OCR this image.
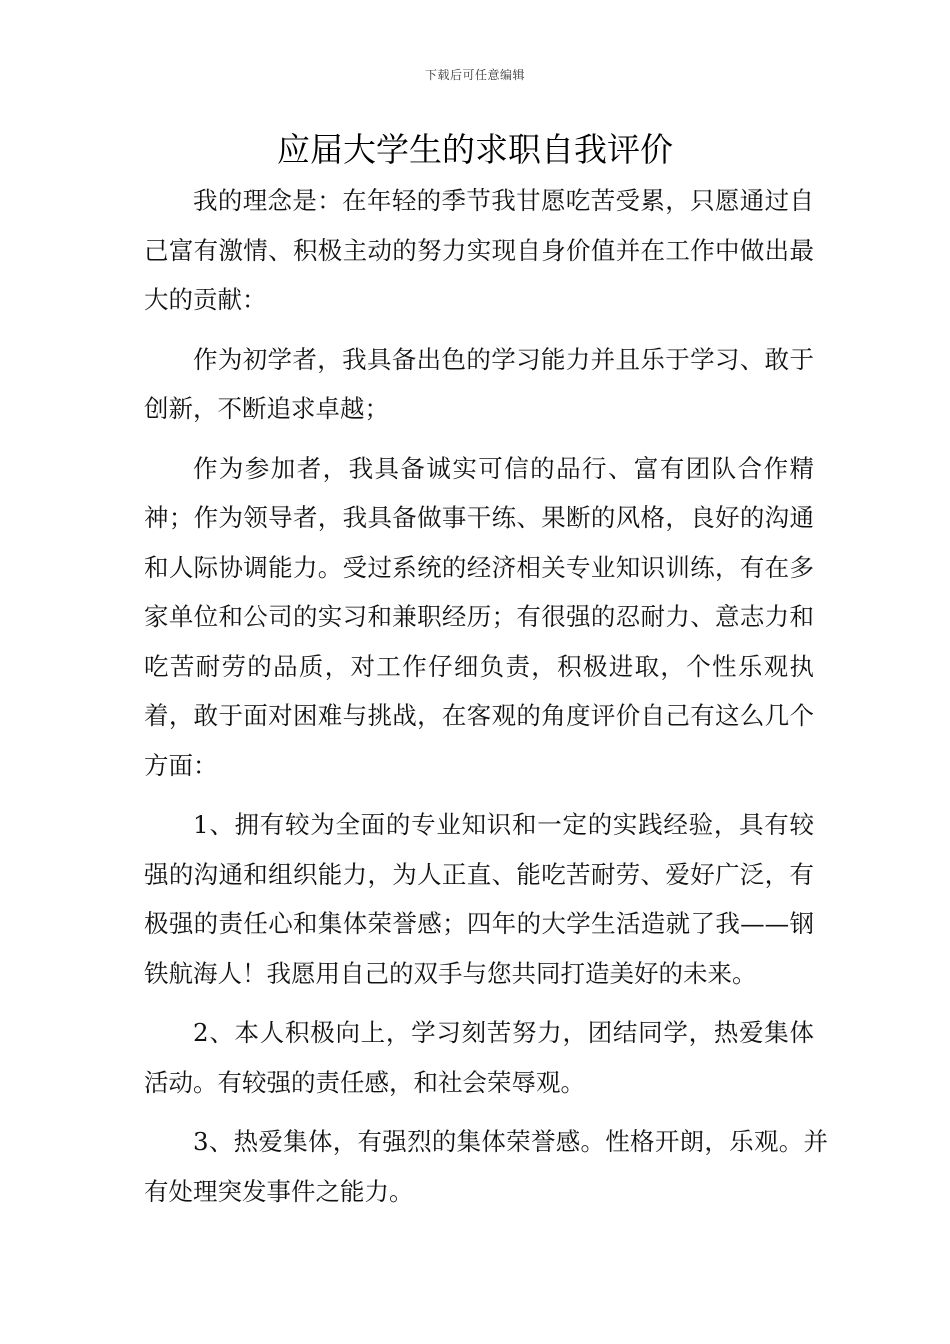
下载后可任意编辑
应届大学生的求职自我评价

我的理念是：在年轻的季节我甘愿吃苦受累，只愿通过自己富有激情、积极主动的努力实现自身价值并在工作中做出最大的贡献：

作为初学者，我具备出色的学习能力并且乐于学习、敢于创新，不断追求卓越；

作为参加者，我具备诚实可信的品行、富有团队合作精神；作为领导者，我具备做事干练、果断的风格，良好的沟通和人际协调能力。受过系统的经济相关专业知识训练，有在多家单位和公司的实习和兼职经历；有很强的忍耐力、意志力和吃苦耐劳的品质，对工作仔细负责，积极进取，个性乐观执着，敢于面对困难与挑战，在客观的角度评价自己有这么几个方面：

1、拥有较为全面的专业知识和一定的实践经验，具有较强的沟通和组织能力，为人正直、能吃苦耐劳、爱好广泛，有极强的责任心和集体荣誉感；四年的大学生活造就了我——钢铁航海人！我愿用自己的双手与您共同打造美好的未来。

2、本人积极向上，学习刻苦努力，团结同学，热爱集体活动。有较强的责任感，和社会荣辱观。

3、热爱集体，有强烈的集体荣誉感。性格开朗，乐观。并有处理突发事件之能力。
